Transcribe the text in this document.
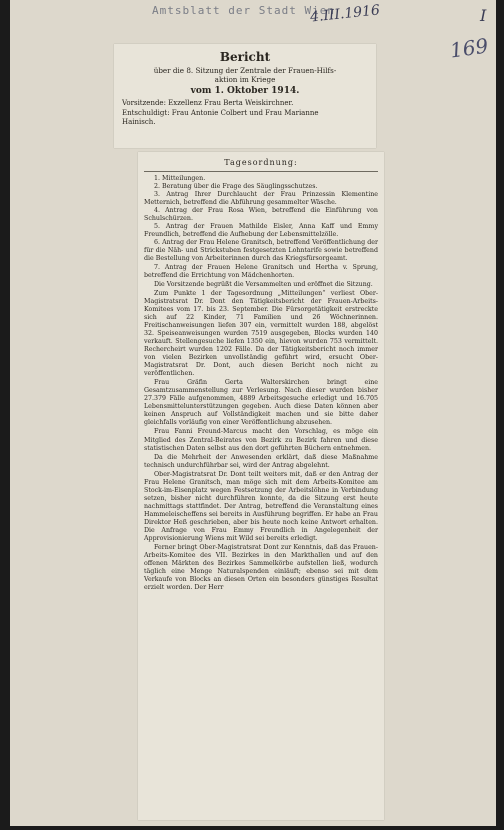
Amtsblatt der Stadt Wien
4.III.1916	I
169

Bericht

über die 8. Sitzung der Zentrale der Frauen-Hilfs-

aktion im Kriege

vom 1. Oktober 1914.

Vorsitzende: Exzellenz Frau Berta Weiskirchner.

Entschuldigt: Frau Antonie Colbert und Frau Marianne

Hainisch.

Tagesordnung:

1. Mitteilungen.

2. Beratung über die Frage des Säuglingsschutzes.

3. Antrag Ihrer Durchlaucht der Frau Prinzessin Klementine Metternich, betreffend die Abführung gesammelter Wäsche.

4. Antrag der Frau Rosa Wien, betreffend die Einführung von Schulschürzen.

5. Antrag der Frauen Mathilde Eisler, Anna Kaff und Emmy Freundlich, betreffend die Aufhebung der Lebensmittelzölle.

6. Antrag der Frau Helene Granitsch, betreffend Veröffentlichung der für die Näh- und Strickstuben festgesetzten Lohntarife sowie betreffend die Bestellung von Arbeiterinnen durch das Kriegsfürsorgeamt.

7. Antrag der Frauen Helene Granitsch und Hertha v. Sprung, betreffend die Errichtung von Mädchenhorten.

Die Vorsitzende begrüßt die Versammelten und eröffnet die Sitzung.

Zum Punkte 1 der Tagesordnung „Mitteilungen“ verliest Ober-Magistratsrat Dr. Dont den Tätigkeitsbericht der Frauen-Arbeits-Komitees vom 17. bis 23. September. Die Fürsorgetätigkeit erstreckte sich auf 22 Kinder, 71 Familien und 26 Wöchnerinnen. Freitischanweisungen liefen 307 ein, vermittelt wurden 188, abgelöst 32. Speiseanweisungen wurden 7519 ausgegeben, Blocks wurden 140 verkauft. Stellengesuche liefen 1350 ein, hievon wurden 753 vermittelt. Rechercheirt wurden 1202 Fälle. Da der Tätigkeitsbericht noch immer von vielen Bezirken unvollständig geführt wird, ersucht Ober-Magistratsrat Dr. Dont, auch diesen Bericht noch nicht zu veröffentlichen.

Frau Gräfin Gerta Walterskirchen bringt eine Gesamtzusammenstellung zur Verlesung. Nach dieser wurden bisher 27.379 Fälle aufgenommen, 4889 Arbeitsgesuche erledigt und 16.705 Lebensmittelunterstützungen gegeben. Auch diese Daten können aber keinen Anspruch auf Vollständigkeit machen und sie bitte daher gleichfalls vorläufig von einer Veröffentlichung abzusehen.

Frau Fanni Freund-Marcus macht den Vorschlag, es möge ein Mitglied des Zentral-Beirates von Bezirk zu Bezirk fahren und diese statistischen Daten selbst aus den dort geführten Büchern entnehmen.

Da die Mehrheit der Anwesenden erklärt, daß diese Maßnahme technisch undurchführbar sei, wird der Antrag abgelehnt.

Ober-Magistratsrat Dr. Dont teilt weiters mit, daß er den Antrag der Frau Helene Granitsch, man möge sich mit dem Arbeits-Komitee am Stock-im-Eisenplatz wegen Festsetzung der Arbeitslöhne in Verbindung setzen, bisher nicht durchführen konnte, da die Sitzung erst heute nachmittags stattfindet. Der Antrag, betreffend die Veranstaltung eines Hammeleischeffens sei bereits in Ausführung begriffen. Er habe an Frau Direktor Heß geschrieben, aber bis heute noch keine Antwort erhalten. Die Anfrage von Frau Emmy Freundlich in Angelegenheit der Approvisionierung Wiens mit Wild sei bereits erledigt.

Ferner bringt Ober-Magistratsrat Dont zur Kenntnis, daß das Frauen-Arbeits-Komitee des VII. Bezirkes in den Markthallen und auf den offenen Märkten des Bezirkes Sammelkörbe aufstellen ließ, wodurch täglich eine Menge Naturalspenden einläuft; ebenso sei mit dem Verkaufe von Blocks an diesen Orten ein besonders günstiges Resultat erzielt worden. Der Herr
